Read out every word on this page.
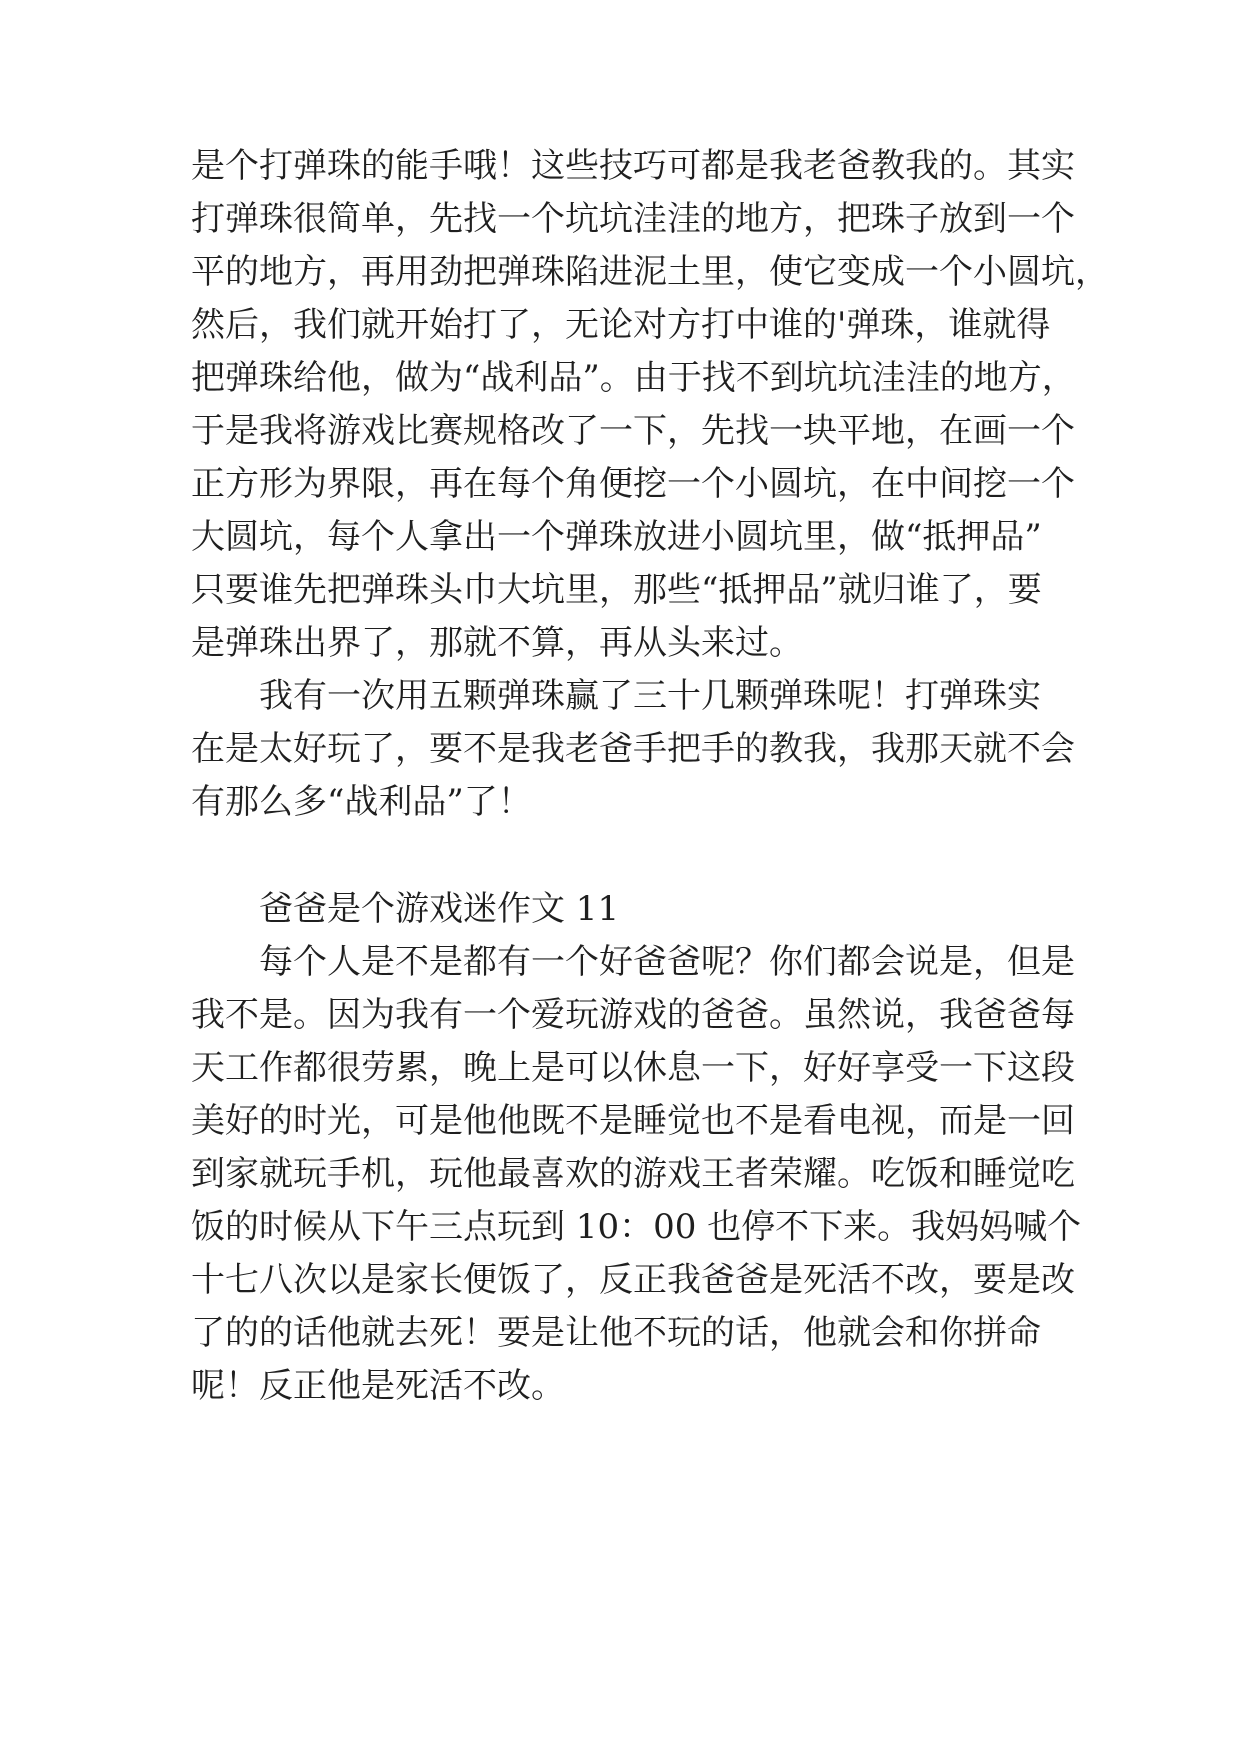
是个打弹珠的能手哦！这些技巧可都是我老爸教我的。其实
打弹珠很简单，先找一个坑坑洼洼的地方，把珠子放到一个
平的地方，再用劲把弹珠陷进泥土里，使它变成一个小圆坑，
然后，我们就开始打了，无论对方打中谁的'弹珠，谁就得
把弹珠给他，做为“战利品”。由于找不到坑坑洼洼的地方，
于是我将游戏比赛规格改了一下，先找一块平地，在画一个
正方形为界限，再在每个角便挖一个小圆坑，在中间挖一个
大圆坑，每个人拿出一个弹珠放进小圆坑里，做“抵押品”
只要谁先把弹珠头巾大坑里，那些“抵押品”就归谁了，要
是弹珠出界了，那就不算，再从头来过。
我有一次用五颗弹珠赢了三十几颗弹珠呢！打弹珠实
在是太好玩了，要不是我老爸手把手的教我，我那天就不会
有那么多“战利品”了！
爸爸是个游戏迷作文 11
每个人是不是都有一个好爸爸呢？你们都会说是，但是
我不是。因为我有一个爱玩游戏的爸爸。虽然说，我爸爸每
天工作都很劳累，晚上是可以休息一下，好好享受一下这段
美好的时光，可是他他既不是睡觉也不是看电视，而是一回
到家就玩手机，玩他最喜欢的游戏王者荣耀。吃饭和睡觉吃
饭的时候从下午三点玩到 10：00 也停不下来。我妈妈喊个
十七八次以是家长便饭了，反正我爸爸是死活不改，要是改
了的的话他就去死！要是让他不玩的话，他就会和你拼命
呢！反正他是死活不改。
